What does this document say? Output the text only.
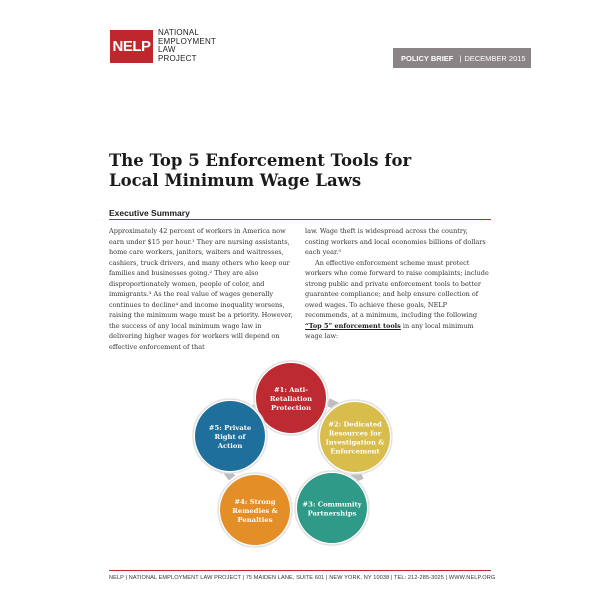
NELP
NATIONAL
EMPLOYMENT
LAW
PROJECT	POLICY BRIEF | DECEMBER 2015
The Top 5 Enforcement Tools for
Local Minimum Wage Laws
Executive Summary

Approximately 42 percent of workers in America now earn under $15 per hour.¹ They are nursing assistants, home care workers, janitors, waiters and waitresses, cashiers, truck drivers, and many others who keep our families and businesses going.² They are also disproportionately women, people of color, and immigrants.³ As the real value of wages generally continues to decline⁴ and income inequality worsens, raising the minimum wage must be a priority. However, the success of any local minimum wage law in delivering higher wages for workers will depend on effective enforcement of that

law. Wage theft is widespread across the country, costing workers and local economies billions of dollars each year.⁵

An effective enforcement scheme must protect workers who come forward to raise complaints; include strong public and private enforcement tools to better guarantee compliance; and help ensure collection of owed wages. To achieve these goals, NELP recommends, at a minimum, including the following “Top 5” enforcement tools in any local minimum wage law:

#1: Anti-
Retaliation
Protection
#2: Dedicated
Resources for
Investigation &
Enforcement
#3: Community
Partnerships
#4: Strong
Remedies &
Penalties
#5: Private
Right of
Action
NELP | NATIONAL EMPLOYMENT LAW PROJECT | 75 MAIDEN LANE, SUITE 601 | NEW YORK, NY 10038 | TEL: 212-285-3025 | WWW.NELP.ORG
